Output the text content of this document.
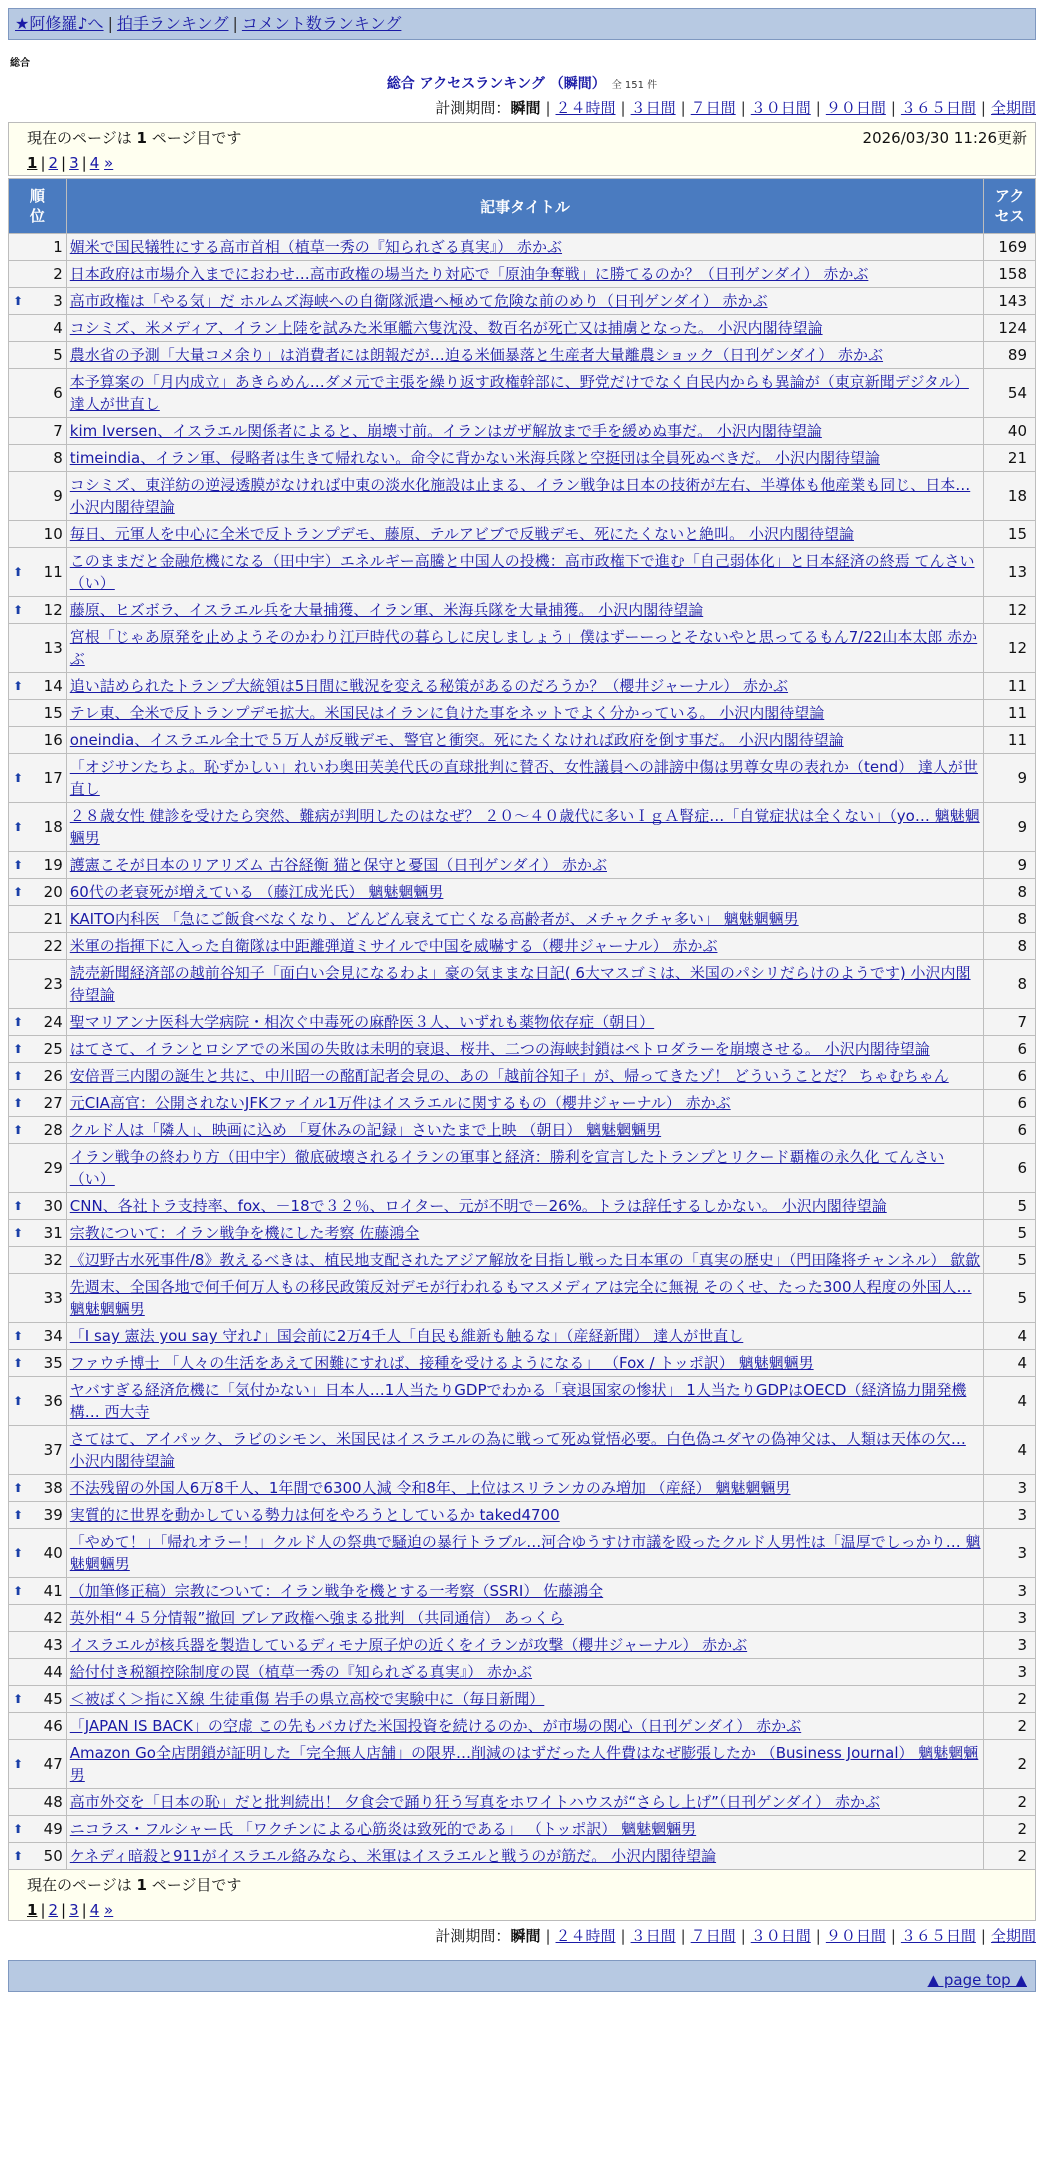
★阿修羅♪へ | 拍手ランキング | コメント数ランキング
総合
総合 アクセスランキング （瞬間） 全 151 件
計測期間：瞬間 | ２４時間 | ３日間 | ７日間 | ３０日間 | ９０日間 | ３６５日間 | 全期間
現在のページは 1 ページ目です	2026/03/30 11:26更新
1 | 2 | 3 | 4 »
順位	記事タイトル	アクセス
1	媚米で国民犠牲にする高市首相（植草一秀の『知られざる真実』） 赤かぶ	169
2	日本政府は市場介入までにおわせ…高市政権の場当たり対応で「原油争奪戦」に勝てるのか？（日刊ゲンダイ） 赤かぶ	158

⬆ 3	高市政権は「やる気」だ ホルムズ海峡への自衛隊派遣へ極めて危険な前のめり（日刊ゲンダイ） 赤かぶ	143
4	コシミズ、米メディア、イラン上陸を試みた米軍艦六隻沈没、数百名が死亡又は捕虜となった。 小沢内閣待望論	124
5	農水省の予測「大量コメ余り」は消費者には朗報だが…迫る米価暴落と生産者大量離農ショック（日刊ゲンダイ） 赤かぶ	89
6	本予算案の「月内成立」あきらめん…ダメ元で主張を繰り返す政権幹部に、野党だけでなく自民内からも異論が（東京新聞デジタル） 達人が世直し	54
7	kim Iversen、イスラエル関係者によると、崩壊寸前。イランはガザ解放まで手を緩めぬ事だ。 小沢内閣待望論	40
8	timeindia、イラン軍、侵略者は生きて帰れない。命令に背かない米海兵隊と空挺団は全員死ぬべきだ。 小沢内閣待望論	21
9	コシミズ、東洋紡の逆浸透膜がなければ中東の淡水化施設は止まる、イラン戦争は日本の技術が左右、半導体も他産業も同じ、日本… 小沢内閣待望論	18
10	毎日、元軍人を中心に全米で反トランプデモ、藤原、テルアビブで反戦デモ、死にたくないと絶叫。 小沢内閣待望論	15

⬆ 11	このままだと金融危機になる（田中宇）エネルギー高騰と中国人の投機：高市政権下で進む「自己弱体化」と日本経済の終焉 てんさい（い）	13

⬆ 12	藤原、ヒズボラ、イスラエル兵を大量捕獲、イラン軍、米海兵隊を大量捕獲。 小沢内閣待望論	12
13	宮根「じゃあ原発を止めようそのかわり江戸時代の暮らしに戻しましょう」僕はずーーっとそないやと思ってるもん7/22山本太郎 赤かぶ	12

⬆ 14	追い詰められたトランプ大統領は5日間に戦況を変える秘策があるのだろうか？（櫻井ジャーナル） 赤かぶ	11
15	テレ東、全米で反トランプデモ拡大。米国民はイランに負けた事をネットでよく分かっている。 小沢内閣待望論	11
16	oneindia、イスラエル全土で５万人が反戦デモ、警官と衝突。死にたくなければ政府を倒す事だ。 小沢内閣待望論	11

⬆ 17	「オジサンたちよ。恥ずかしい」れいわ奥田芙美代氏の直球批判に賛否、女性議員への誹謗中傷は男尊女卑の表れか（tend） 達人が世直し	9

⬆ 18	２８歳女性 健診を受けたら突然、難病が判明したのはなぜ？ ２０～４０歳代に多いＩｇＡ腎症…「自覚症状は全くない」（yo… 魑魅魍魎男	9

⬆ 19	護憲こそが日本のリアリズム 古谷経衡 猫と保守と憂国（日刊ゲンダイ） 赤かぶ	9

⬆ 20	60代の老衰死が増えている （藤江成光氏） 魑魅魍魎男	8
21	KAITO内科医 「急にご飯食べなくなり、どんどん衰えて亡くなる高齢者が、メチャクチャ多い」 魑魅魍魎男	8
22	米軍の指揮下に入った自衛隊は中距離弾道ミサイルで中国を威嚇する（櫻井ジャーナル） 赤かぶ	8
23	読売新聞経済部の越前谷知子「面白い会見になるわよ」豪の気ままな日記( 6大マスゴミは、米国のパシリだらけのようです) 小沢内閣待望論	8

⬆ 24	聖マリアンナ医科大学病院・相次ぐ中毒死の麻酔医３人、いずれも薬物依存症（朝日）	7

⬆ 25	はてさて、イランとロシアでの米国の失敗は未明的衰退、桜井、二つの海峡封鎖はペトロダラーを崩壊させる。 小沢内閣待望論	6

⬆ 26	安倍晋三内閣の誕生と共に、中川昭一の酩酊記者会見の、あの「越前谷知子」が、帰ってきたゾ！ どういうことだ？ ちゃむちゃん	6

⬆ 27	元CIA高官：公開されないJFKファイル1万件はイスラエルに関するもの（櫻井ジャーナル） 赤かぶ	6

⬆ 28	クルド人は「隣人」、映画に込め 「夏休みの記録」さいたまで上映 （朝日） 魑魅魍魎男	6
29	イラン戦争の終わり方（田中宇）徹底破壊されるイランの軍事と経済：勝利を宣言したトランプとリクード覇権の永久化 てんさい（い）	6

⬆ 30	CNN、各社トラ支持率、fox、－18で３２％、ロイター、元が不明で－26%。トラは辞任するしかない。 小沢内閣待望論	5

⬆ 31	宗教について：イラン戦争を機にした考察 佐藤鴻全	5
32	《辺野古水死事件/8》教えるべきは、植民地支配されたアジア解放を目指し戦った日本軍の「真実の歴史」（門田隆将チャンネル） 歙歙	5
33	先週末、全国各地で何千何万人もの移民政策反対デモが行われるもマスメディアは完全に無視 そのくせ、たった300人程度の外国人… 魑魅魍魎男	5

⬆ 34	「I say 憲法 you say 守れ♪」国会前に2万4千人「自民も維新も触るな」（産経新聞） 達人が世直し	4

⬆ 35	ファウチ博士 「人々の生活をあえて困難にすれば、接種を受けるようになる」 （Fox / トッポ訳） 魑魅魍魎男	4

⬆ 36	ヤバすぎる経済危機に「気付かない」日本人…1人当たりGDPでわかる「衰退国家の惨状」 1人当たりGDPはOECD（経済協力開発機構… 西大寺	4
37	さてはて、アイパック、ラビのシモン、米国民はイスラエルの為に戦って死ぬ覚悟必要。白色偽ユダヤの偽神父は、人類は天体の欠… 小沢内閣待望論	4

⬆ 38	不法残留の外国人6万8千人、1年間で6300人減 令和8年、上位はスリランカのみ増加 （産経） 魑魅魍魎男	3

⬆ 39	実質的に世界を動かしている勢力は何をやろうとしているか taked4700	3

⬆ 40	「やめて！」「帰れオラー！」クルド人の祭典で騒迫の暴行トラブル…河合ゆうすけ市議を殴ったクルド人男性は「温厚でしっかり… 魑魅魍魎男	3

⬆ 41	（加筆修正稿）宗教について：イラン戦争を機とする一考察（SSRI） 佐藤鴻全	3
42	英外相“４５分情報”撤回 ブレア政権へ強まる批判 （共同通信） あっくら	3
43	イスラエルが核兵器を製造しているディモナ原子炉の近くをイランが攻撃（櫻井ジャーナル） 赤かぶ	3
44	給付付き税額控除制度の罠（植草一秀の『知られざる真実』） 赤かぶ	3

⬆ 45	＜被ばく＞指にＸ線 生徒重傷 岩手の県立高校で実験中に（毎日新聞）	2
46	「JAPAN IS BACK」の空虚 この先もバカげた米国投資を続けるのか、が市場の関心（日刊ゲンダイ） 赤かぶ	2

⬆ 47	Amazon Go全店閉鎖が証明した「完全無人店舗」の限界…削減のはずだった人件費はなぜ膨張したか （Business Journal） 魑魅魍魎男	2
48	高市外交を「日本の恥」だと批判続出！ 夕食会で踊り狂う写真をホワイトハウスが“さらし上げ”（日刊ゲンダイ） 赤かぶ	2

⬆ 49	ニコラス・フルシャー氏 「ワクチンによる心筋炎は致死的である」 （トッポ訳） 魑魅魍魎男	2

⬆ 50	ケネディ暗殺と911がイスラエル絡みなら、米軍はイスラエルと戦うのが筋だ。 小沢内閣待望論	2
現在のページは 1 ページ目です
1 | 2 | 3 | 4 »
計測期間：瞬間 | ２４時間 | ３日間 | ７日間 | ３０日間 | ９０日間 | ３６５日間 | 全期間
▲ page top ▲
